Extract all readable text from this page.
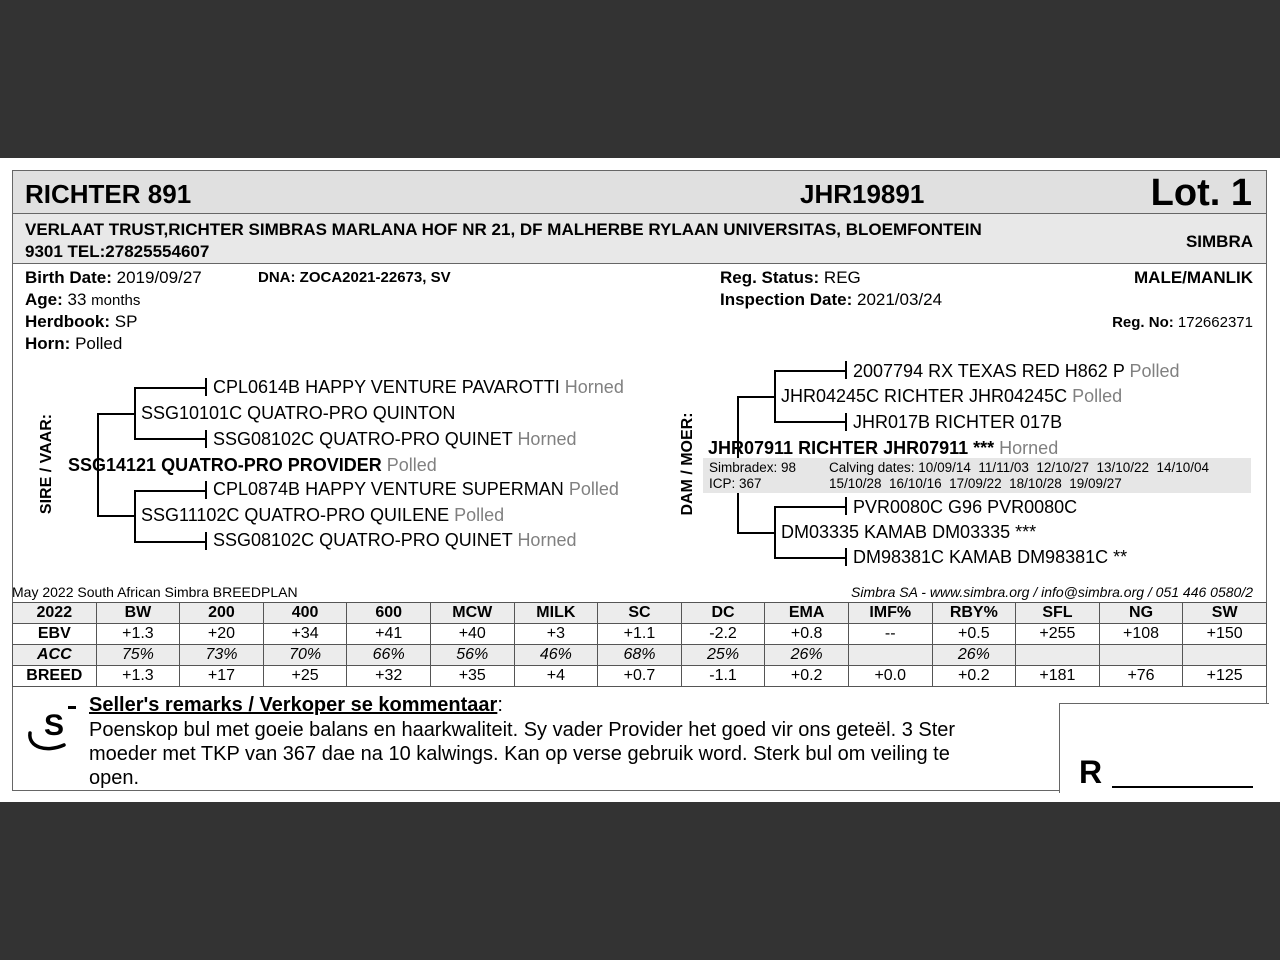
RICHTER 891	JHR19891	Lot. 1
VERLAAT TRUST,RICHTER SIMBRAS MARLANA HOF NR 21, DF MALHERBE RYLAAN UNIVERSITAS, BLOEMFONTEIN
9301 TEL:27825554607
SIMBRA
Birth Date: 2019/09/27	DNA: ZOCA2021-22673, SV
Age: 33 months
Herdbook: SP
Horn: Polled
Reg. Status: REG	MALE/MANLIK
Inspection Date: 2021/03/24
Reg. No: 172662371
SIRE / VAAR:	DAM / MOER:
CPL0614B HAPPY VENTURE PAVAROTTI Horned
SSG10101C QUATRO-PRO QUINTON
SSG08102C QUATRO-PRO QUINET Horned
SSG14121 QUATRO-PRO PROVIDER Polled
CPL0874B HAPPY VENTURE SUPERMAN Polled
SSG11102C QUATRO-PRO QUILENE Polled
SSG08102C QUATRO-PRO QUINET Horned
2007794 RX TEXAS RED H862 P Polled
JHR04245C RICHTER JHR04245C Polled
JHR017B RICHTER 017B
JHR07911 RICHTER JHR07911 *** Horned
Simbradex: 98
ICP: 367
Calving dates: 10/09/14  11/11/03  12/10/27  13/10/22  14/10/04
15/10/28  16/10/16  17/09/22  18/10/28  19/09/27
PVR0080C G96 PVR0080C
DM03335 KAMAB DM03335 ***
DM98381C KAMAB DM98381C **
May 2022 South African Simbra BREEDPLAN	Simbra SA - www.simbra.org / info@simbra.org / 051 446 0580/2
2022	BW	200	400	600	MCW	MILK	SC	DC	EMA	IMF%	RBY%	SFL	NG	SW
EBV	+1.3	+20	+34	+41	+40	+3	+1.1	-2.2	+0.8	--	+0.5	+255	+108	+150
ACC	75%	73%	70%	66%	56%	46%	68%	25%	26%		26%			
BREED	+1.3	+17	+25	+32	+35	+4	+0.7	-1.1	+0.2	+0.0	+0.2	+181	+76	+125
S
Seller's remarks / Verkoper se kommentaar:
Poenskop bul met goeie balans en haarkwaliteit. Sy vader Provider het goed vir ons geteël. 3 Ster
moeder met TKP van 367 dae na 10 kalwings. Kan op verse gebruik word. Sterk bul om veiling te
open.	R
